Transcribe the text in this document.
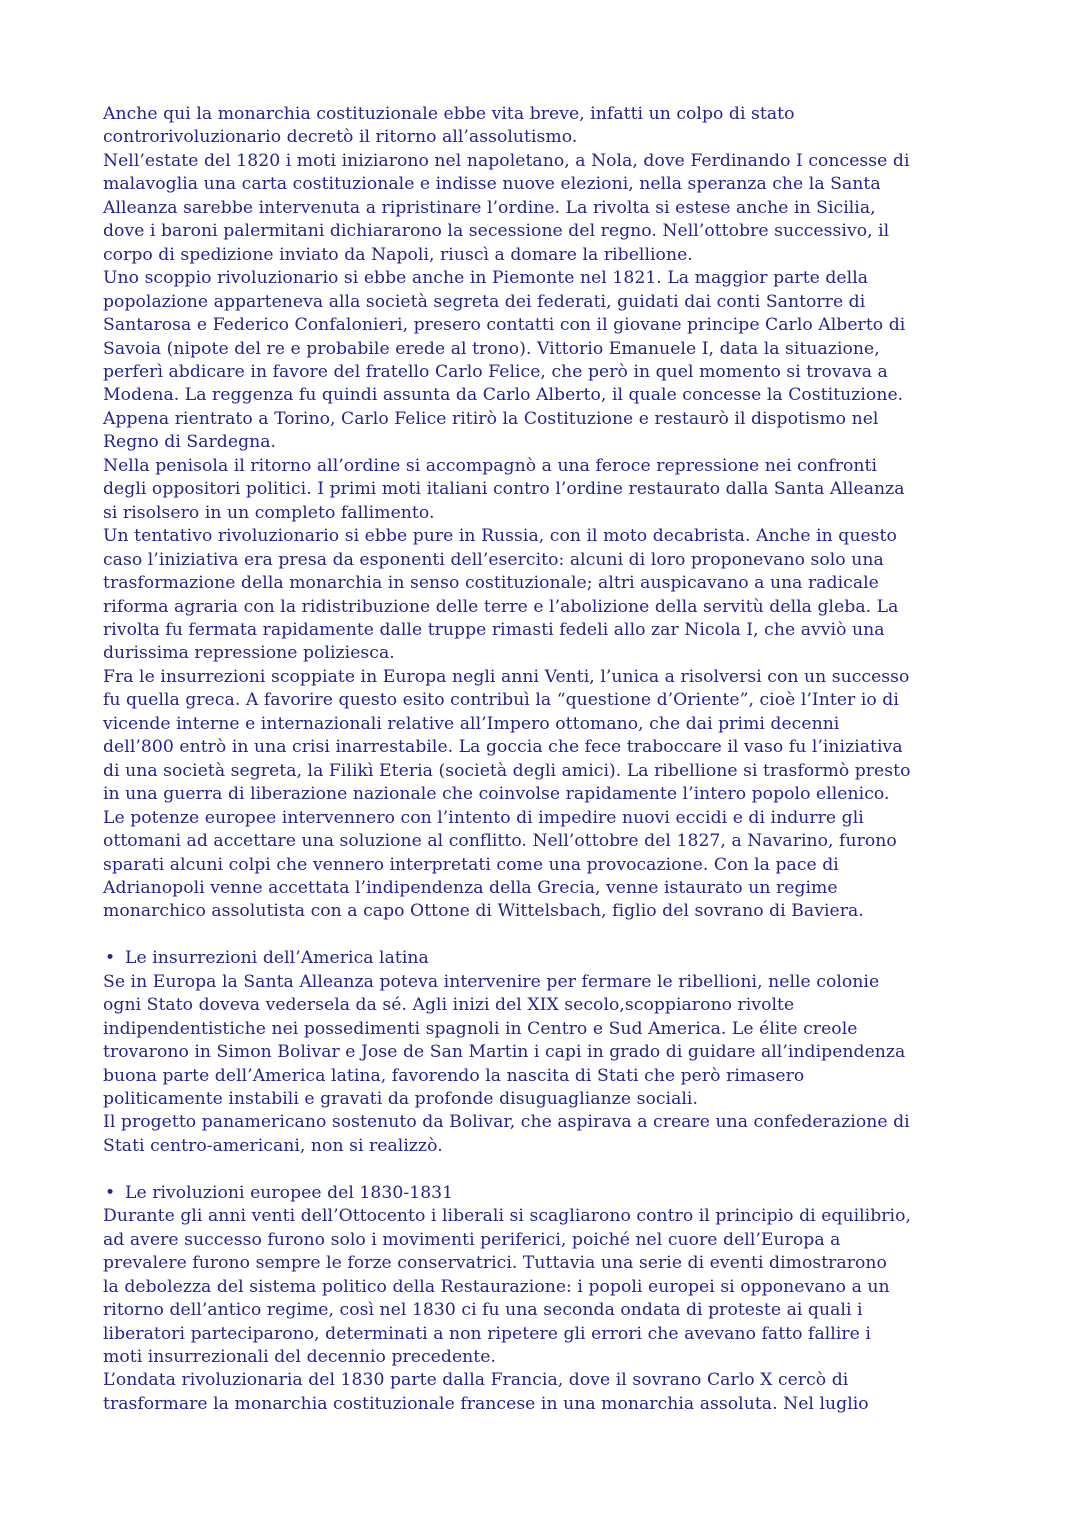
Anche qui la monarchia costituzionale ebbe vita breve, infatti un colpo di stato
controrivoluzionario decretò il ritorno all’assolutismo.
Nell’estate del 1820 i moti iniziarono nel napoletano, a Nola, dove Ferdinando I concesse di
malavoglia una carta costituzionale e indisse nuove elezioni, nella speranza che la Santa
Alleanza sarebbe intervenuta a ripristinare l’ordine. La rivolta si estese anche in Sicilia,
dove i baroni palermitani dichiararono la secessione del regno. Nell’ottobre successivo, il
corpo di spedizione inviato da Napoli, riuscì a domare la ribellione.
Uno scoppio rivoluzionario si ebbe anche in Piemonte nel 1821. La maggior parte della
popolazione apparteneva alla società segreta dei federati, guidati dai conti Santorre di
Santarosa e Federico Confalonieri, presero contatti con il giovane principe Carlo Alberto di
Savoia (nipote del re e probabile erede al trono). Vittorio Emanuele I, data la situazione,
perferì abdicare in favore del fratello Carlo Felice, che però in quel momento si trovava a
Modena. La reggenza fu quindi assunta da Carlo Alberto, il quale concesse la Costituzione.
Appena rientrato a Torino, Carlo Felice ritirò la Costituzione e restaurò il dispotismo nel
Regno di Sardegna.
Nella penisola il ritorno all’ordine si accompagnò a una feroce repressione nei confronti
degli oppositori politici. I primi moti italiani contro l’ordine restaurato dalla Santa Alleanza
si risolsero in un completo fallimento.
Un tentativo rivoluzionario si ebbe pure in Russia, con il moto decabrista. Anche in questo
caso l’iniziativa era presa da esponenti dell’esercito: alcuni di loro proponevano solo una
trasformazione della monarchia in senso costituzionale; altri auspicavano a una radicale
riforma agraria con la ridistribuzione delle terre e l’abolizione della servitù della gleba. La
rivolta fu fermata rapidamente dalle truppe rimasti fedeli allo zar Nicola I, che avviò una
durissima repressione poliziesca.
Fra le insurrezioni scoppiate in Europa negli anni Venti, l’unica a risolversi con un successo
fu quella greca. A favorire questo esito contribuì la “questione d’Oriente”, cioè l’Inter io di
vicende interne e internazionali relative all’Impero ottomano, che dai primi decenni
dell’800 entrò in una crisi inarrestabile. La goccia che fece traboccare il vaso fu l’iniziativa
di una società segreta, la Filikì Eteria (società degli amici). La ribellione si trasformò presto
in una guerra di liberazione nazionale che coinvolse rapidamente l’intero popolo ellenico.
Le potenze europee intervennero con l’intento di impedire nuovi eccidi e di indurre gli
ottomani ad accettare una soluzione al conflitto. Nell’ottobre del 1827, a Navarino, furono
sparati alcuni colpi che vennero interpretati come una provocazione. Con la pace di
Adrianopoli venne accettata l’indipendenza della Grecia, venne istaurato un regime
monarchico assolutista con a capo Ottone di Wittelsbach, figlio del sovrano di Baviera.
• Le insurrezioni dell’America latina
Se in Europa la Santa Alleanza poteva intervenire per fermare le ribellioni, nelle colonie
ogni Stato doveva vedersela da sé. Agli inizi del XIX secolo,scoppiarono rivolte
indipendentistiche nei possedimenti spagnoli in Centro e Sud America. Le élite creole
trovarono in Simon Bolivar e Jose de San Martin i capi in grado di guidare all’indipendenza
buona parte dell’America latina, favorendo la nascita di Stati che però rimasero
politicamente instabili e gravati da profonde disuguaglianze sociali.
Il progetto panamericano sostenuto da Bolivar, che aspirava a creare una confederazione di
Stati centro-americani, non si realizzò.
• Le rivoluzioni europee del 1830-1831
Durante gli anni venti dell’Ottocento i liberali si scagliarono contro il principio di equilibrio,
ad avere successo furono solo i movimenti periferici, poiché nel cuore dell’Europa a
prevalere furono sempre le forze conservatrici. Tuttavia una serie di eventi dimostrarono
la debolezza del sistema politico della Restaurazione: i popoli europei si opponevano a un
ritorno dell’antico regime, così nel 1830 ci fu una seconda ondata di proteste ai quali i
liberatori parteciparono, determinati a non ripetere gli errori che avevano fatto fallire i
moti insurrezionali del decennio precedente.
L’ondata rivoluzionaria del 1830 parte dalla Francia, dove il sovrano Carlo X cercò di
trasformare la monarchia costituzionale francese in una monarchia assoluta. Nel luglio
